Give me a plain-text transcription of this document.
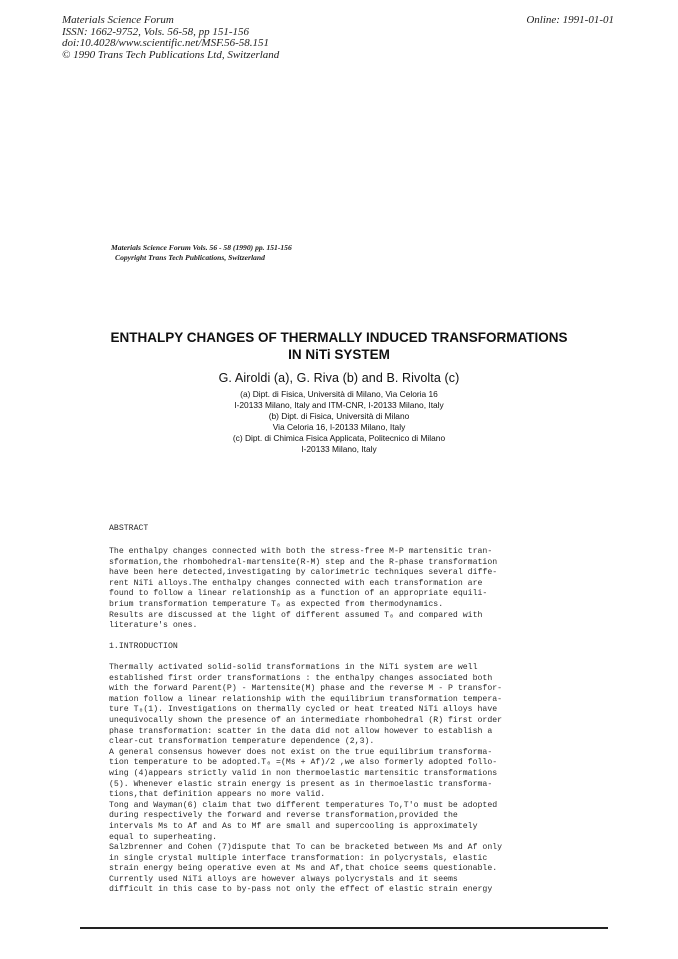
Materials Science Forum
ISSN: 1662-9752, Vols. 56-58, pp 151-156
doi:10.4028/www.scientific.net/MSF.56-58.151
© 1990 Trans Tech Publications Ltd, Switzerland
Online: 1991-01-01
Materials Science Forum Vols. 56 - 58 (1990) pp. 151-156
Copyright Trans Tech Publications, Switzerland
ENTHALPY CHANGES OF THERMALLY INDUCED TRANSFORMATIONS
IN NiTi SYSTEM
G. Airoldi (a), G. Riva (b) and B. Rivolta (c)
(a) Dipt. di Fisica, Università di Milano, Via Celoria 16
I-20133 Milano, Italy and ITM-CNR, I-20133 Milano, Italy
(b) Dipt. di Fisica, Università di Milano
Via Celoria 16, I-20133 Milano, Italy
(c) Dipt. di Chimica Fisica Applicata, Politecnico di Milano
I-20133 Milano, Italy
ABSTRACT
The enthalpy changes connected with both the stress-free M-P martensitic tran-
sformation,the rhombohedral-martensite(R-M) step and the R-phase transformation
have been here detected,investigating by calorimetric techniques several diffe-
rent NiTi alloys.The enthalpy changes connected with each transformation are
found to follow a linear relationship as a function of an appropriate equili-
brium transformation temperature T₀ as expected from thermodynamics.
Results are discussed at the light of different assumed T₀ and compared with
literature's ones.
1.INTRODUCTION
Thermally activated solid-solid transformations in the NiTi system are well
established first order transformations : the enthalpy changes associated both
with the forward Parent(P) - Martensite(M) phase and the reverse M - P transfor-
mation follow a linear relationship with the equilibrium transformation tempera-
ture T₀(1). Investigations on thermally cycled or heat treated NiTi alloys have
unequivocally shown the presence of an intermediate rhombohedral (R) first order
phase transformation: scatter in the data did not allow however to establish a
clear-cut transformation temperature dependence (2,3).
A general consensus however does not exist on the true equilibrium transforma-
tion temperature to be adopted.T₀ =(Ms + Af)/2 ,we also formerly adopted follo-
wing (4)appears strictly valid in non thermoelastic martensitic transformations
(5). Whenever elastic strain energy is present as in thermoelastic transforma-
tions,that definition appears no more valid.
Tong and Wayman(6) claim that two different temperatures To,T'o must be adopted
during respectively the forward and reverse transformation,provided the
intervals Ms to Af and As to Mf are small and supercooling is approximately
equal to superheating.
Salzbrenner and Cohen (7)dispute that To can be bracketed between Ms and Af only
in single crystal multiple interface transformation: in polycrystals, elastic
strain energy being operative even at Ms and Af,that choice seems questionable.
Currently used NiTi alloys are however always polycrystals and it seems
difficult in this case to by-pass not only the effect of elastic strain energy
